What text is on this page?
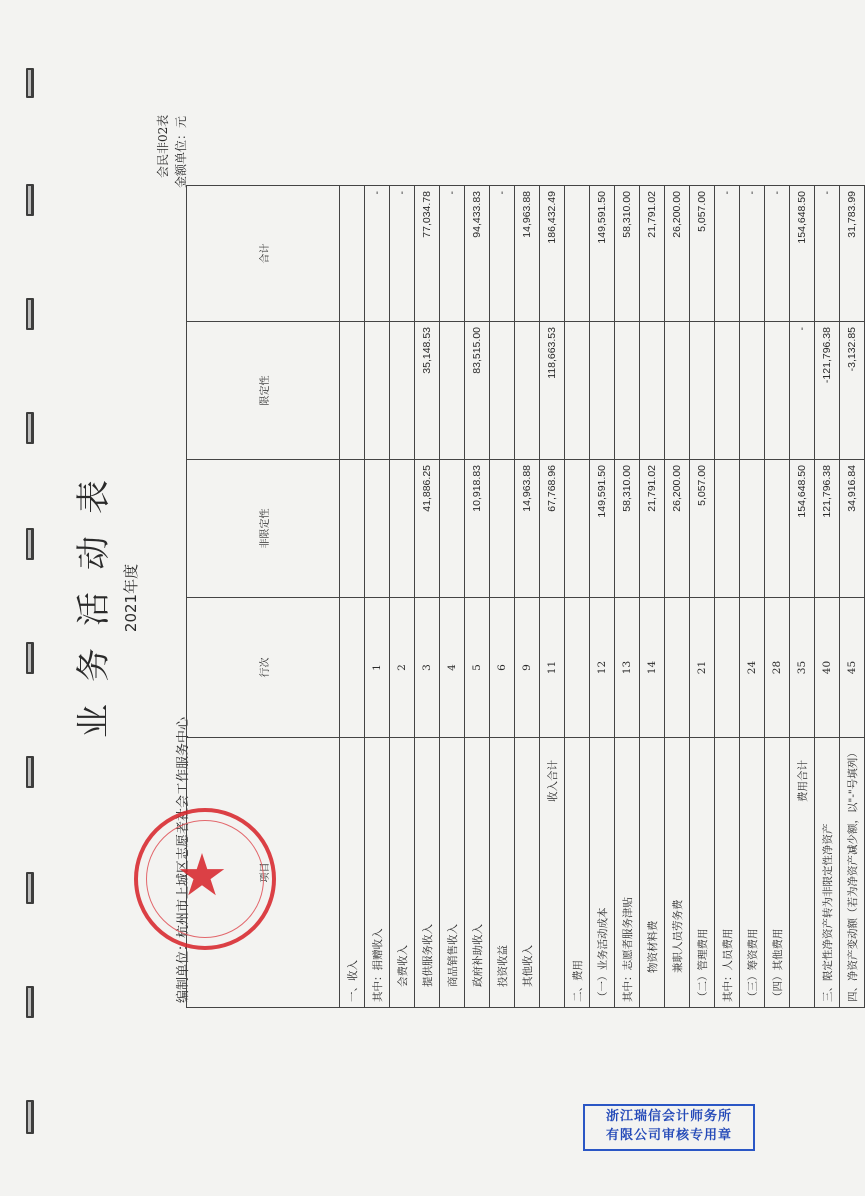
业务活动表 2021年度
会民非02表 金额单位：元
编制单位：杭州市上城区志愿者社会工作服务中心	项目	行次	非限定性	限定性	合计
一、收入				
其中：捐赠收入	1			-
会费收入	2			-
提供服务收入	3	41,886.25	35,148.53	77,034.78
商品销售收入	4			-
政府补助收入	5	10,918.83	83,515.00	94,433.83
投资收益	6			-
其他收入	9	14,963.88		14,963.88
收入合计	11	67,768.96	118,663.53	186,432.49
二、费用				
（一）业务活动成本	12	149,591.50		149,591.50
其中：志愿者服务津贴	13	58,310.00		58,310.00
物资材料费	14	21,791.02		21,791.02
兼职人员劳务费		26,200.00		26,200.00
（二）管理费用	21	5,057.00		5,057.00
其中：人员费用				-
（三）筹资费用	24			-
（四）其他费用	28			-
费用合计	35	154,648.50	-	154,648.50
三、限定性净资产转为非限定性净资产	40	121,796.38	-121,796.38	-
四、净资产变动额（若为净资产减少额，以"-"号填列）	45	34,916.84	-3,132.85	31,783.99
★
浙江瑞信会计师务所
有限公司审核专用章
